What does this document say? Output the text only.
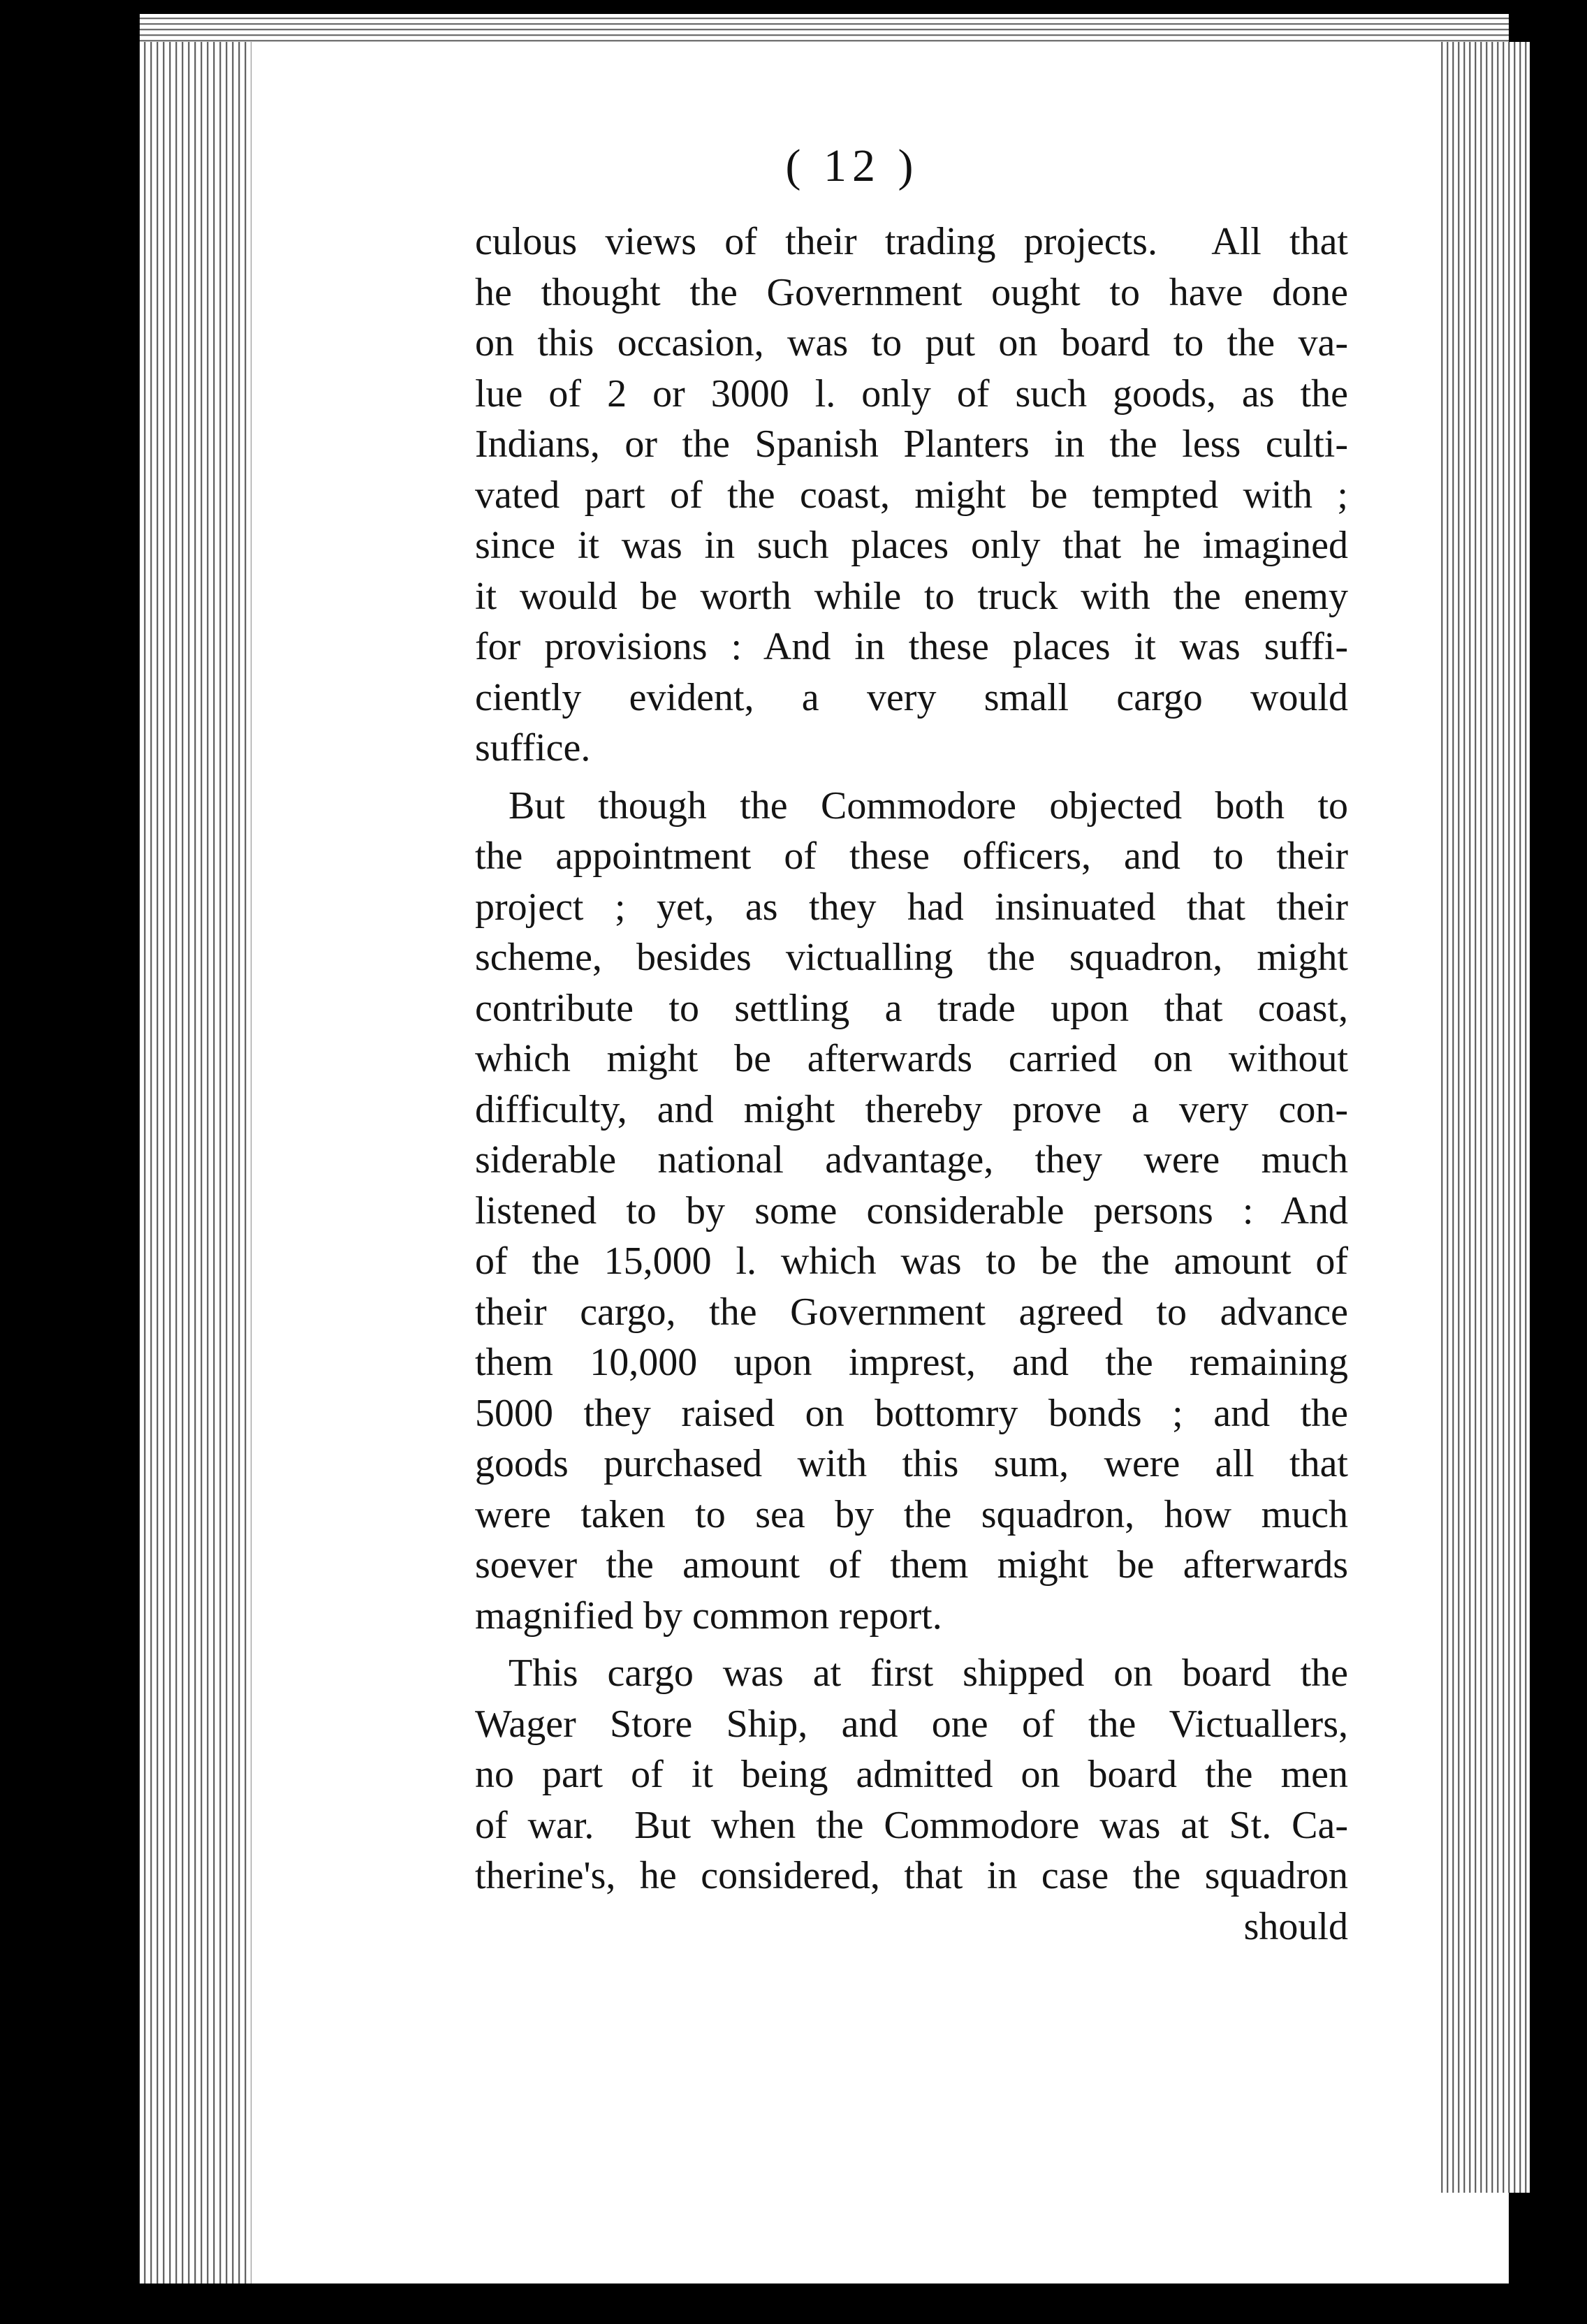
( 12 )
culous views of their trading projects.  All that
he thought the Government ought to have done
on this occasion, was to put on board to the va-
lue of 2 or 3000 l. only of such goods, as the
Indians, or the Spanish Planters in the less culti-
vated part of the coast, might be tempted with ;
since it was in such places only that he imagined
it would be worth while to truck with the enemy
for provisions : And in these places it was suffi-
ciently evident, a very small cargo would
suffice.
But though the Commodore objected both to
the appointment of these officers, and to their
project ; yet, as they had insinuated that their
scheme, besides victualling the squadron, might
contribute to settling a trade upon that coast,
which might be afterwards carried on without
difficulty, and might thereby prove a very con-
siderable national advantage, they were much
listened to by some considerable persons : And
of the 15,000 l. which was to be the amount of
their cargo, the Government agreed to advance
them 10,000 upon imprest, and the remaining
5000 they raised on bottomry bonds ; and the
goods purchased with this sum, were all that
were taken to sea by the squadron, how much
soever the amount of them might be afterwards
magnified by common report.
This cargo was at first shipped on board the
Wager Store Ship, and one of the Victuallers,
no part of it being admitted on board the men
of war.  But when the Commodore was at St. Ca-
therine's, he considered, that in case the squadron
should
